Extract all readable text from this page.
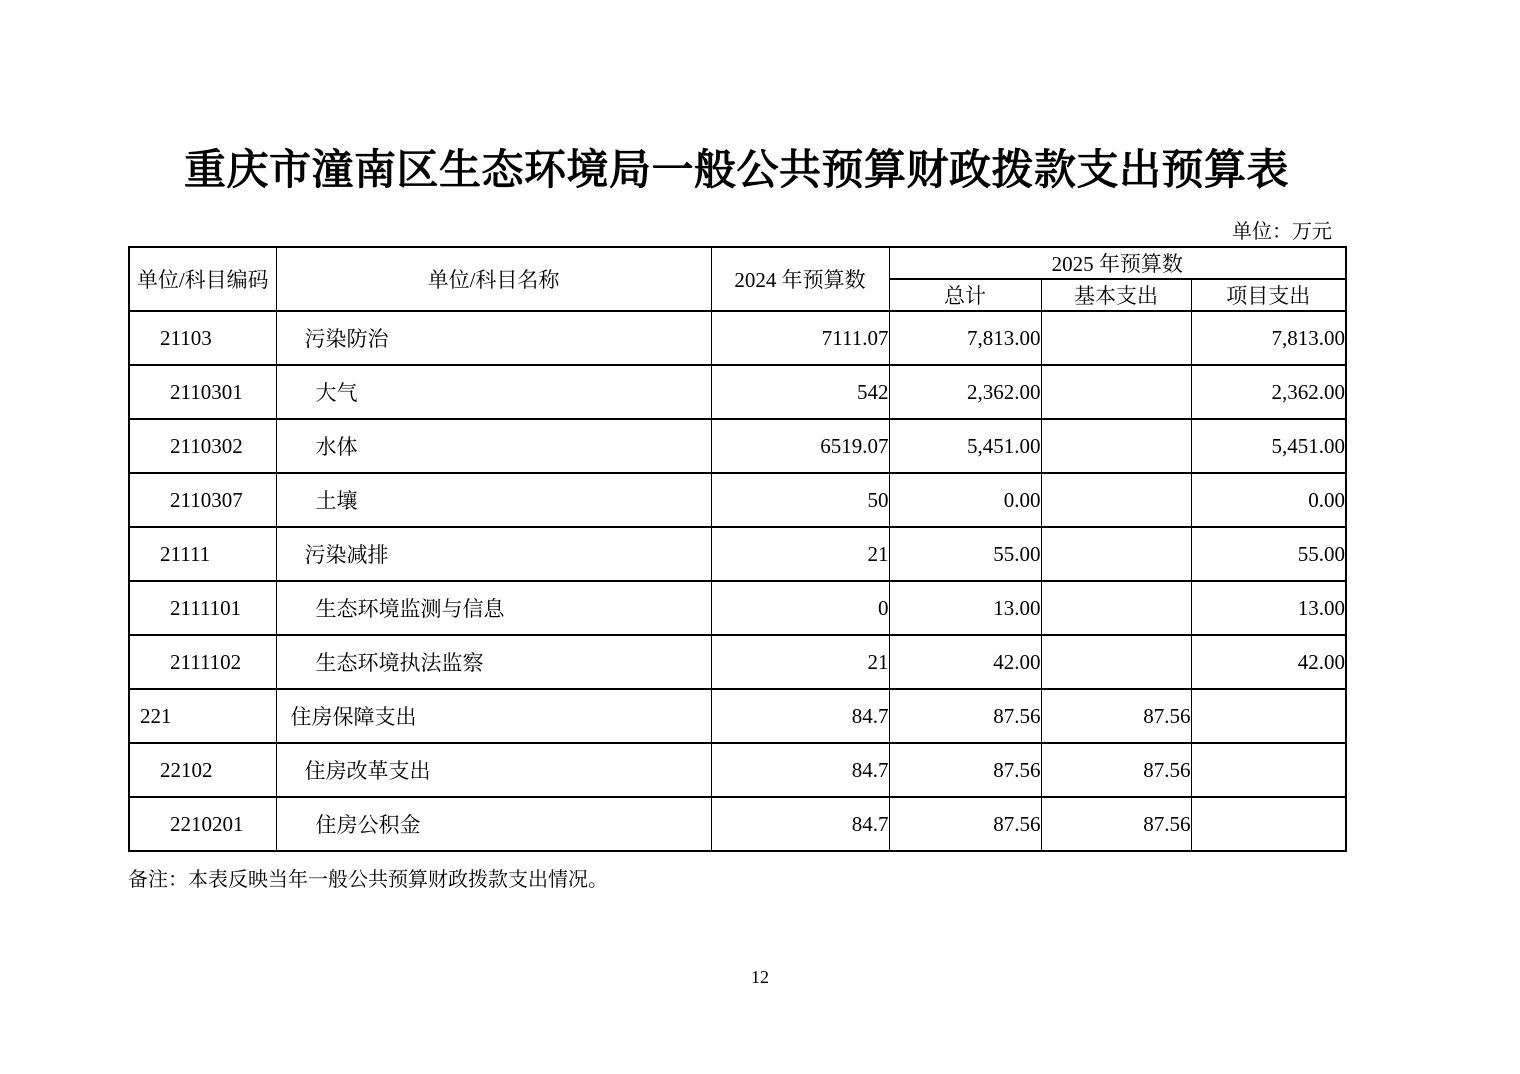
重庆市潼南区生态环境局一般公共预算财政拨款支出预算表
单位：万元
单位/科目编码	单位/科目名称	2024 年预算数	2025 年预算数		
			总计	基本支出	项目支出
21103	污染防治	7111.07	7,813.00		7,813.00
2110301	大气	542	2,362.00		2,362.00
2110302	水体	6519.07	5,451.00		5,451.00
2110307	土壤	50	0.00		0.00
21111	污染减排	21	55.00		55.00
2111101	生态环境监测与信息	0	13.00		13.00
2111102	生态环境执法监察	21	42.00		42.00
221	住房保障支出	84.7	87.56	87.56	
22102	住房改革支出	84.7	87.56	87.56	
2210201	住房公积金	84.7	87.56	87.56	
备注：本表反映当年一般公共预算财政拨款支出情况。
12
